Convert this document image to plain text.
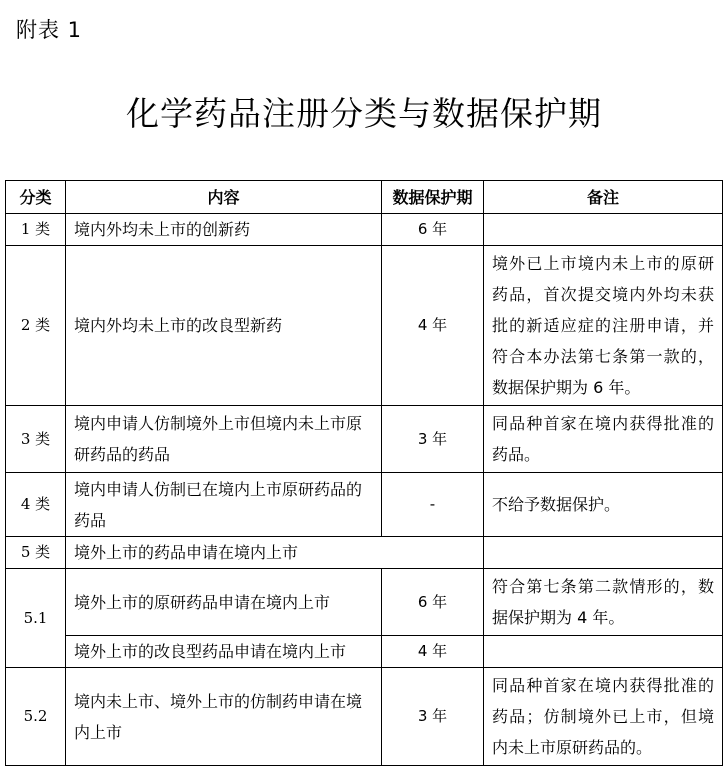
附表 1
化学药品注册分类与数据保护期
分类	内容	数据保护期	备注
1 类	境内外均未上市的创新药	6 年	
2 类	境内外均未上市的改良型新药	4 年	境外已上市境内未上市的原研药品，首次提交境内外均未获批的新适应症的注册申请，并符合本办法第七条第一款的，数据保护期为 6 年。
3 类	境内申请人仿制境外上市但境内未上市原研药品的药品	3 年	同品种首家在境内获得批准的药品。
4 类	境内申请人仿制已在境内上市原研药品的药品	-	不给予数据保护。
5 类	境外上市的药品申请在境内上市		
5.1	境外上市的原研药品申请在境内上市	6 年	符合第七条第二款情形的，数据保护期为 4 年。
	境外上市的改良型药品申请在境内上市	4 年	
5.2	境内未上市、境外上市的仿制药申请在境内上市	3 年	同品种首家在境内获得批准的药品；仿制境外已上市，但境内未上市原研药品的。
